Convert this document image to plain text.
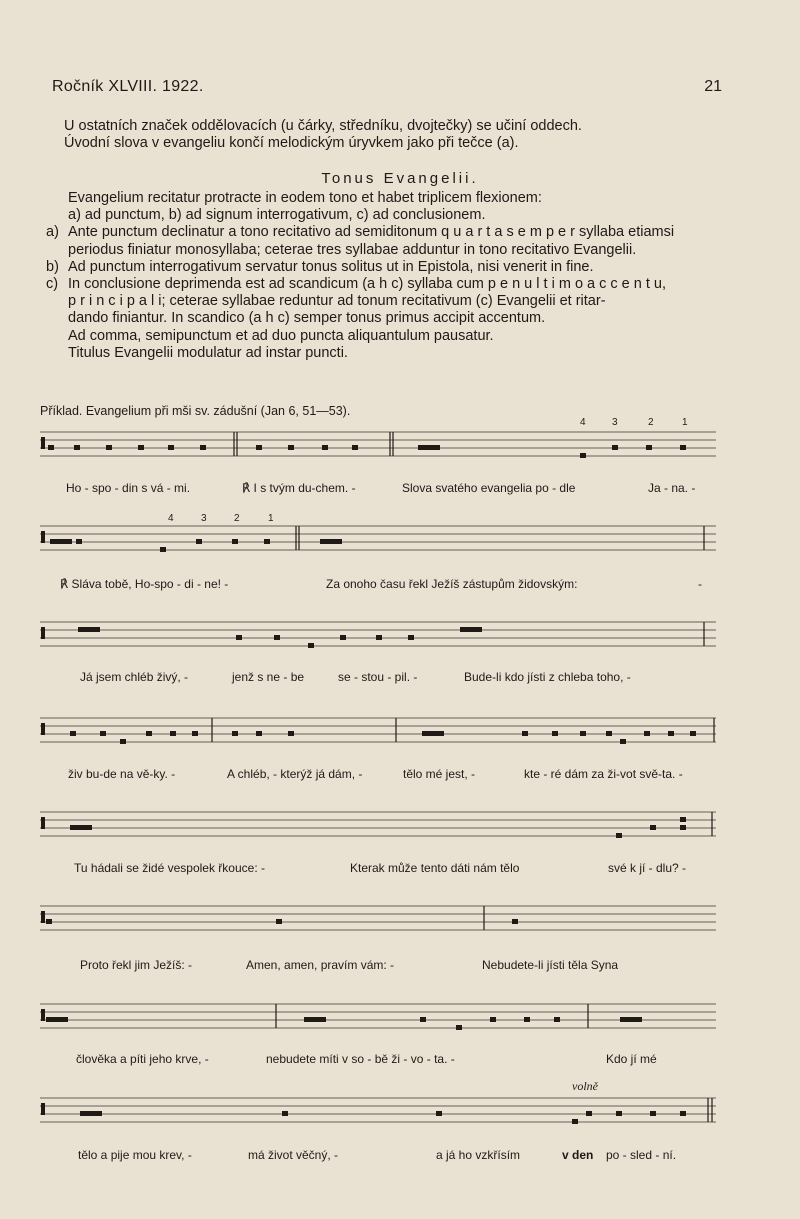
Ročník XLVIII. 1922.	21
U ostatních značek oddělovacích (u čárky, středníku, dvojtečky) se učiní oddech.
Úvodní slova v evangeliu končí melodickým úryvkem jako při tečce (a).
Tonus Evangelii.
Evangelium recitatur protracte in eodem tono et habet triplicem flexionem:
a) ad punctum, b) ad signum interrogativum, c) ad conclusionem.
a) Ante punctum declinatur a tono recitativo ad semiditonum q u a r t a s e m p e r syllaba etiamsi
periodus finiatur monosyllaba; ceterae tres syllabae adduntur in tono recitativo Evangelii.
b) Ad punctum interrogativum servatur tonus solitus ut in Epistola, nisi venerit in fine.
c) In conclusione deprimenda est ad scandicum (a h c) syllaba cum p e n u l t i m o a c c e n t u,
p r i n c i p a l i; ceterae syllabae reduntur ad tonum recitativum (c) Evangelii et ritar-
dando finiantur. In scandico (a h c) semper tonus primus accipit accentum.
Ad comma, semipunctum et ad duo puncta aliquantulum pausatur.
Titulus Evangelii modulatur ad instar puncti.
Příklad. Evangelium při mši sv. zádušní (Jan 6, 51—53).
4	3	2	1
4	3	2	1
Ho - spo - din s vá - mi.	℟ I s tvým du-chem. -	Slova svatého evangelia po - dle	Ja - na. -
℟ Sláva tobě, Ho-spo - di - ne! -	Za onoho času řekl Ježíš zástupům židovským:	-
Já jsem chléb živý, -	jenž s ne - be	se - stou - pil. -	Bude-li kdo jísti z chleba toho, -
živ bu-de na vě-ky. -	A chléb, - kterýž já dám, -	tělo mé jest, -	kte - ré dám za ži-vot svě-ta. -
Tu hádali se židé vespolek řkouce: -	Kterak může tento dáti nám tělo	své k jí - dlu? -
Proto řekl jim Ježíš: -	Amen, amen, pravím vám: -	Nebudete-li jísti těla Syna
člověka a píti jeho krve, -	nebudete míti v so - bě ži - vo - ta. -	Kdo jí mé
volně
tělo a pije mou krev, -	má život věčný, -	a já ho vzkřísím	v den po - sled - ní.
